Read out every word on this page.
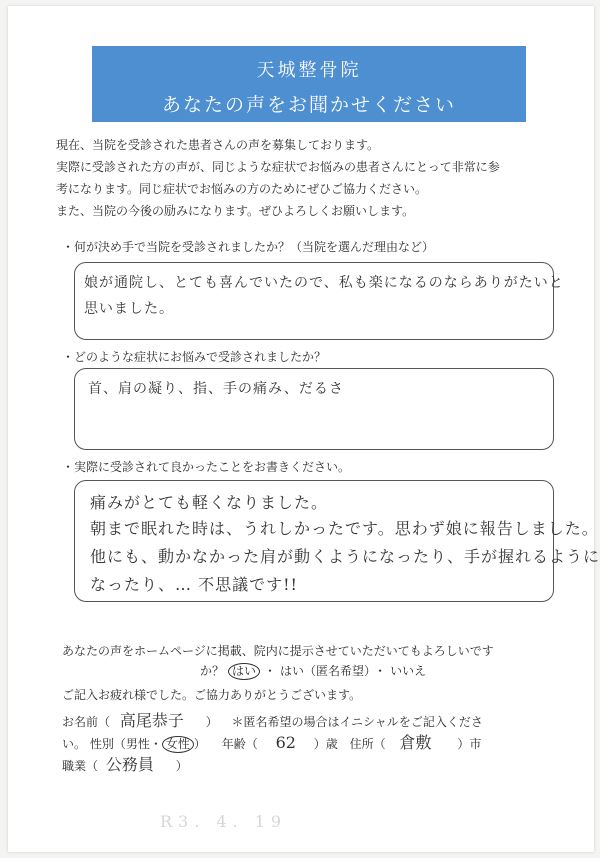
天城整骨院
あなたの声をお聞かせください
現在、当院を受診された患者さんの声を募集しております。
実際に受診された方の声が、同じような症状でお悩みの患者さんにとって非常に参
考になります。同じ症状でお悩みの方のためにぜひご協力ください。
また、当院の今後の励みになります。ぜひよろしくお願いします。
・何が決め手で当院を受診されましたか？（当院を選んだ理由など）
娘が通院し、とても喜んでいたので、私も楽になるのならありがたいと
思いました。
・どのような症状にお悩みで受診されましたか？
首、肩の凝り、指、手の痛み、だるさ
・実際に受診されて良かったことをお書きください。
痛みがとても軽くなりました。
朝まで眠れた時は、うれしかったです。思わず娘に報告しました。
他にも、動かなかった肩が動くようになったり、手が握れるように
なったり、… 不思議です!!
あなたの声をホームページに掲載、院内に提示させていただいてもよろしいです
か？ はい ・ はい（匿名希望） ・ いいえ
ご記入お疲れ様でした。ご協力ありがとうございます。
お名前（ 高尾恭子 ） ＊匿名希望の場合はイニシャルをご記入くださ
い。 性別（男性・ 女性 ） 年齢（ 62 ）歳 住所（ 倉敷 ）市
職業（ 公務員 ）
R3. 4. 19
